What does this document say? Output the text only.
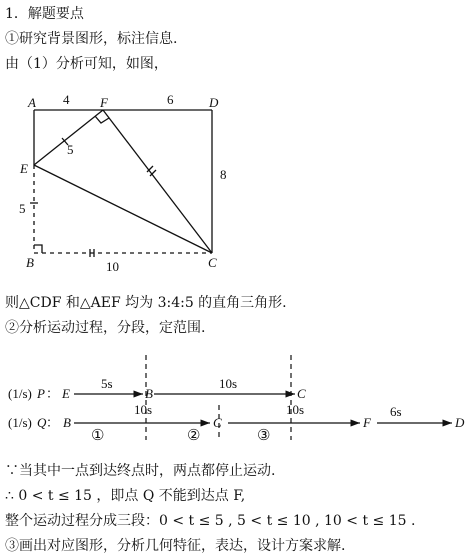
1．解题要点
①研究背景图形，标注信息.
由（1）分析可知，如图，
A	F	D
E
B	C
4	6
5
8
5
10
则△CDF 和△AEF 均为 3:4:5 的直角三角形.
②分析运动过程，分段，定范围.
(1/s) P ： E	B	C
5s	10s
(1/s) Q ： B	C	F	D
10s	10s	6s
①	②	③
∵当其中一点到达终点时，两点都停止运动.
∴ 0 < t ≤ 15 ，即点 Q 不能到达点 F,
整个运动过程分成三段：0 < t ≤ 5 , 5 < t ≤ 10 , 10 < t ≤ 15 .
③画出对应图形，分析几何特征，表达，设计方案求解.
